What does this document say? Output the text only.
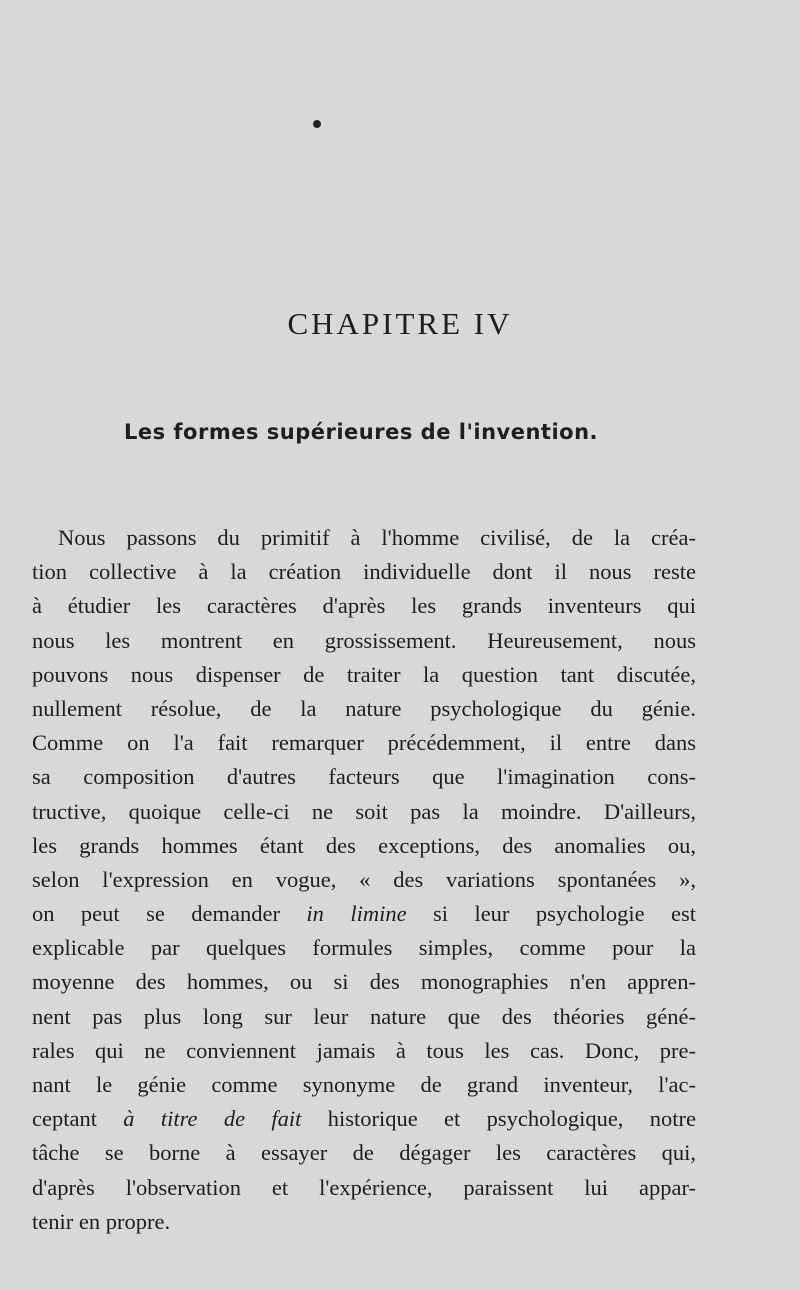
CHAPITRE IV
Les formes supérieures de l'invention.
Nous passons du primitif à l'homme civilisé, de la créa-
tion collective à la création individuelle dont il nous reste
à étudier les caractères d'après les grands inventeurs qui
nous les montrent en grossissement. Heureusement, nous
pouvons nous dispenser de traiter la question tant discutée,
nullement résolue, de la nature psychologique du génie.
Comme on l'a fait remarquer précédemment, il entre dans
sa composition d'autres facteurs que l'imagination cons-
tructive, quoique celle-ci ne soit pas la moindre. D'ailleurs,
les grands hommes étant des exceptions, des anomalies ou,
selon l'expression en vogue, « des variations spontanées »,
on peut se demander in limine si leur psychologie est
explicable par quelques formules simples, comme pour la
moyenne des hommes, ou si des monographies n'en appren-
nent pas plus long sur leur nature que des théories géné-
rales qui ne conviennent jamais à tous les cas. Donc, pre-
nant le génie comme synonyme de grand inventeur, l'ac-
ceptant à titre de fait historique et psychologique, notre
tâche se borne à essayer de dégager les caractères qui,
d'après l'observation et l'expérience, paraissent lui appar-
tenir en propre.
